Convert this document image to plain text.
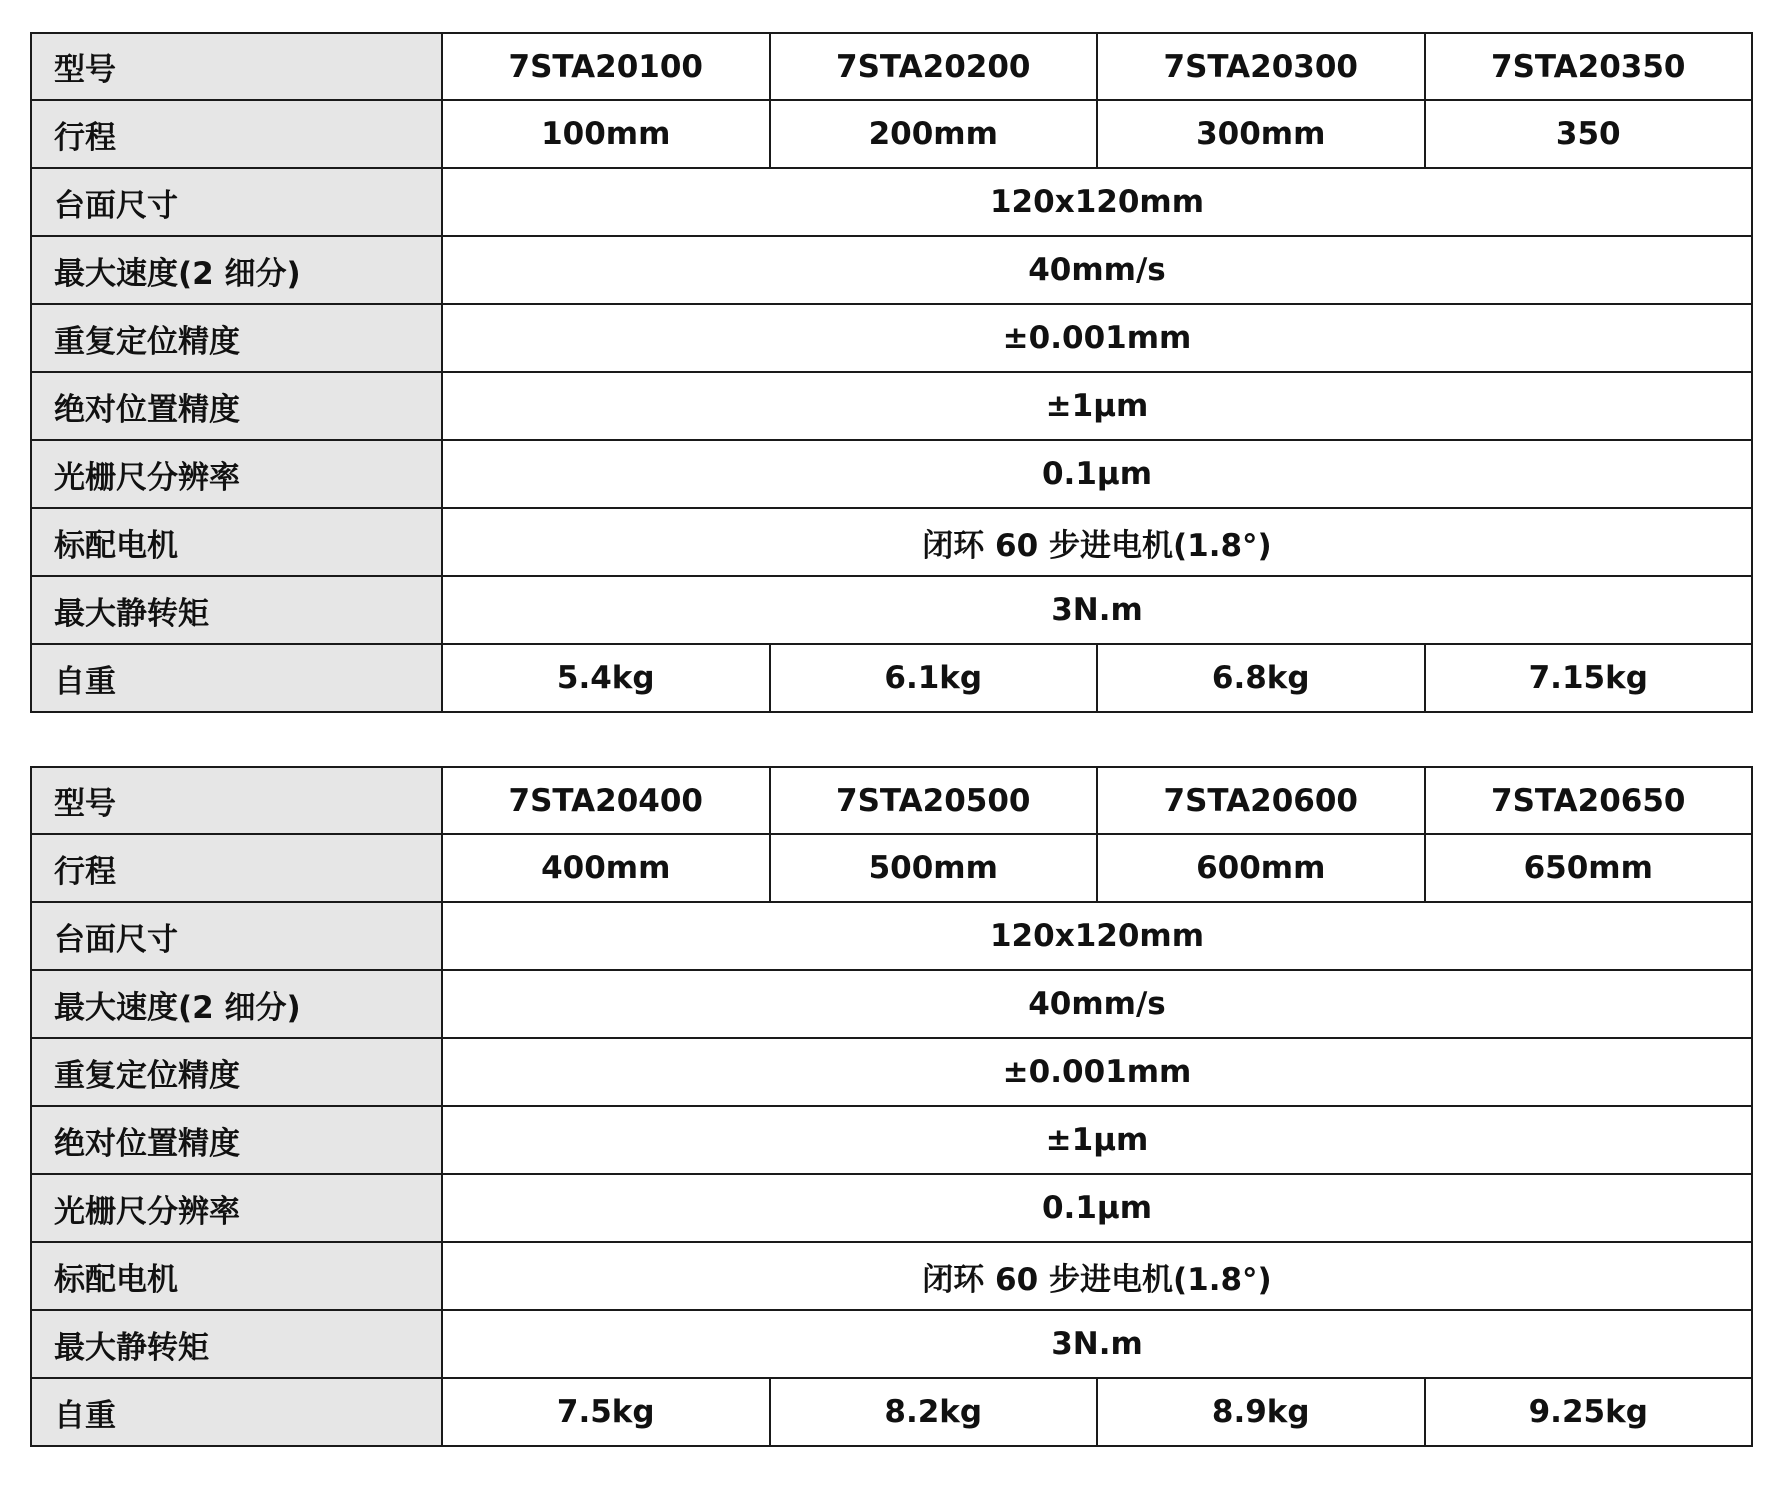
型号	7STA20100	7STA20200	7STA20300	7STA20350
行程	100mm	200mm	300mm	350
台面尺寸	120x120mm			
最大速度(2 细分)	40mm/s			
重复定位精度	±0.001mm			
绝对位置精度	±1μm			
光栅尺分辨率	0.1μm			
标配电机	闭环 60 步进电机(1.8°)			
最大静转矩	3N.m			
自重	5.4kg	6.1kg	6.8kg	7.15kg
型号	7STA20400	7STA20500	7STA20600	7STA20650
行程	400mm	500mm	600mm	650mm
台面尺寸	120x120mm			
最大速度(2 细分)	40mm/s			
重复定位精度	±0.001mm			
绝对位置精度	±1μm			
光栅尺分辨率	0.1μm			
标配电机	闭环 60 步进电机(1.8°)			
最大静转矩	3N.m			
自重	7.5kg	8.2kg	8.9kg	9.25kg
